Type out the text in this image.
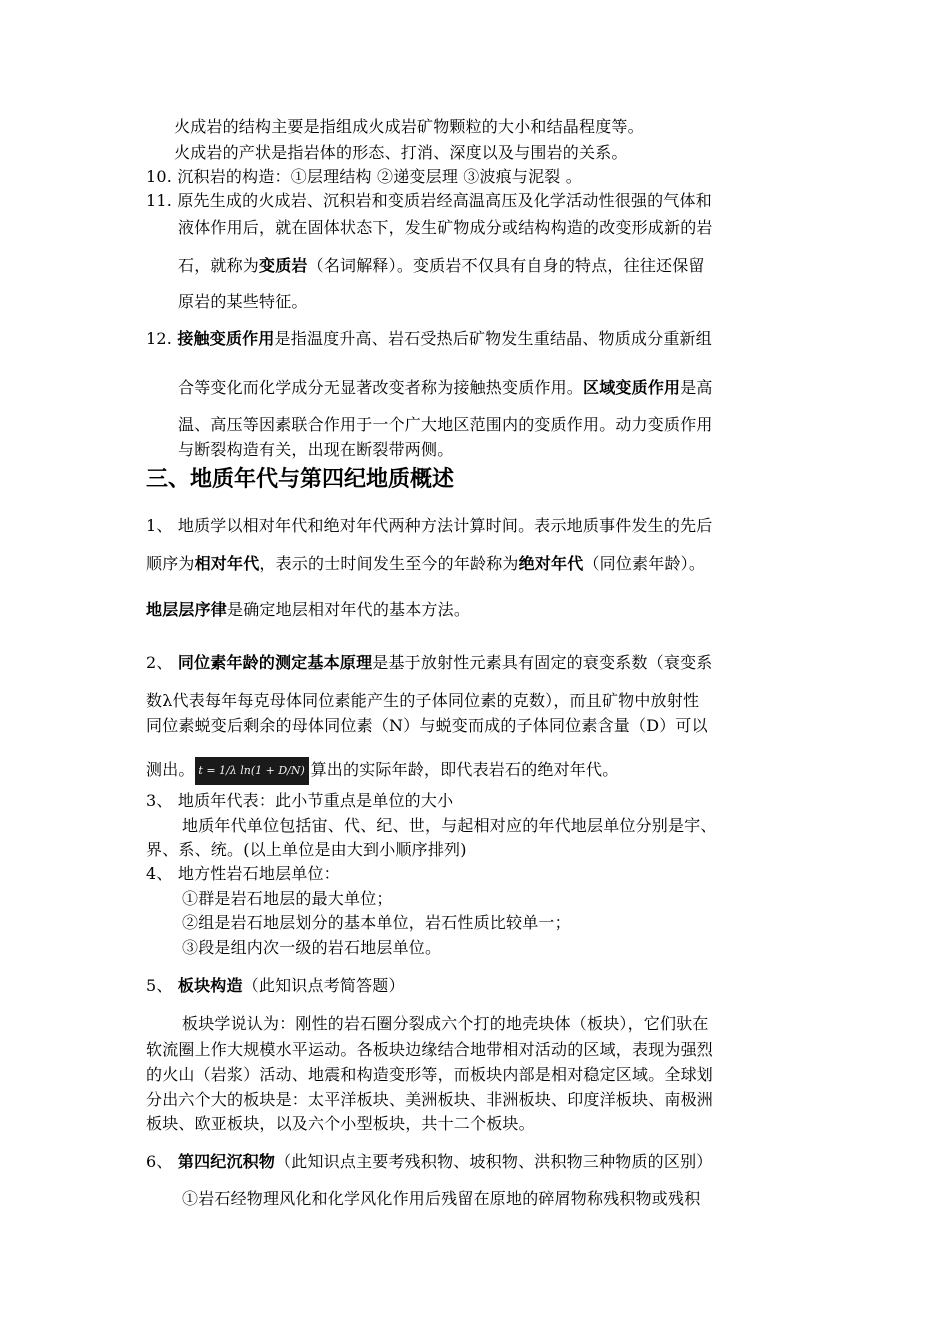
火成岩的结构主要是指组成火成岩矿物颗粒的大小和结晶程度等。
火成岩的产状是指岩体的形态、打消、深度以及与围岩的关系。
10. 沉积岩的构造：①层理结构 ②递变层理 ③波痕与泥裂 。
11. 原先生成的火成岩、沉积岩和变质岩经高温高压及化学活动性很强的气体和
液体作用后，就在固体状态下，发生矿物成分或结构构造的改变形成新的岩
石，就称为变质岩（名词解释）。变质岩不仅具有自身的特点，往往还保留
原岩的某些特征。
12. 接触变质作用是指温度升高、岩石受热后矿物发生重结晶、物质成分重新组
合等变化而化学成分无显著改变者称为接触热变质作用。区域变质作用是高
温、高压等因素联合作用于一个广大地区范围内的变质作用。动力变质作用
与断裂构造有关，出现在断裂带两侧。
三、地质年代与第四纪地质概述
1、 地质学以相对年代和绝对年代两种方法计算时间。表示地质事件发生的先后
顺序为相对年代，表示的士时间发生至今的年龄称为绝对年代（同位素年龄）。
地层层序律是确定地层相对年代的基本方法。
2、 同位素年龄的测定基本原理是基于放射性元素具有固定的衰变系数（衰变系
数λ代表每年每克母体同位素能产生的子体同位素的克数），而且矿物中放射性
同位素蜕变后剩余的母体同位素（N）与蜕变而成的子体同位素含量（D）可以
测出。 t = 1/λ ln(1 + D/N) 算出的实际年龄，即代表岩石的绝对年代。
3、 地质年代表：此小节重点是单位的大小
地质年代单位包括宙、代、纪、世，与起相对应的年代地层单位分别是宇、
界、系、统。(以上单位是由大到小顺序排列)
4、 地方性岩石地层单位：
①群是岩石地层的最大单位；
②组是岩石地层划分的基本单位，岩石性质比较单一；
③段是组内次一级的岩石地层单位。
5、 板块构造（此知识点考简答题）
板块学说认为：刚性的岩石圈分裂成六个打的地壳块体（板块），它们驮在
软流圈上作大规模水平运动。各板块边缘结合地带相对活动的区域，表现为强烈
的火山（岩浆）活动、地震和构造变形等，而板块内部是相对稳定区域。全球划
分出六个大的板块是：太平洋板块、美洲板块、非洲板块、印度洋板块、南极洲
板块、欧亚板块，以及六个小型板块，共十二个板块。
6、 第四纪沉积物（此知识点主要考残积物、坡积物、洪积物三种物质的区别）
①岩石经物理风化和化学风化作用后残留在原地的碎屑物称残积物或残积
